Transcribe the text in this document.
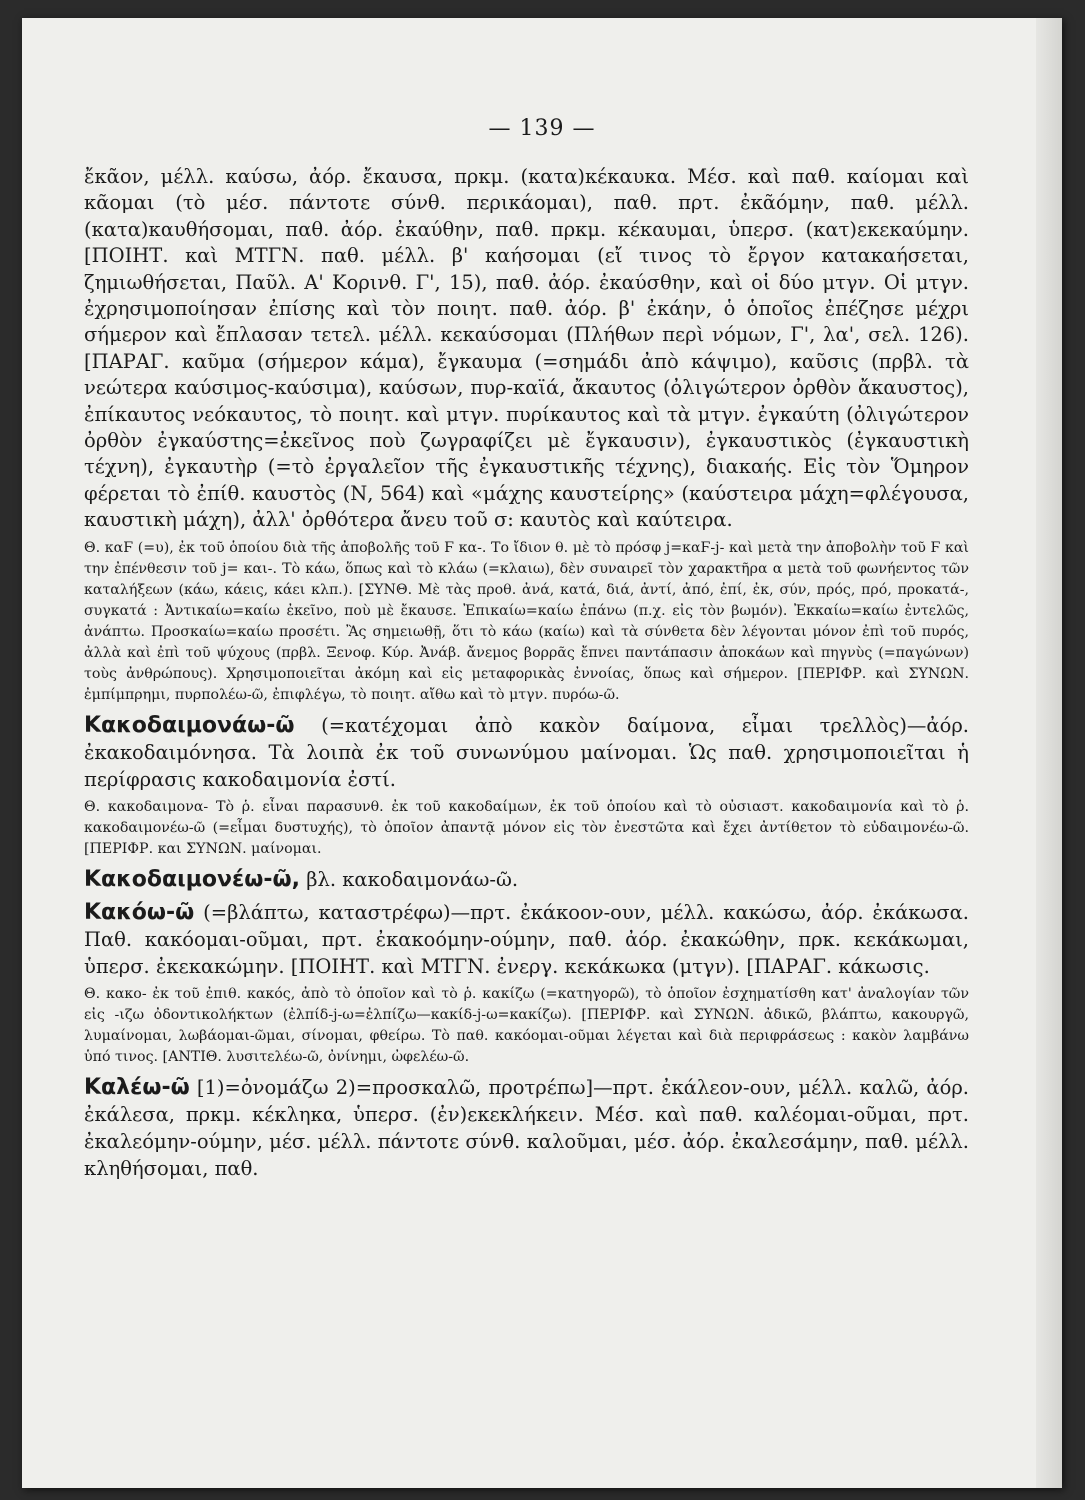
— 139 —

ἔκᾶον, μέλλ. καύσω, ἀόρ. ἔκαυσα, πρκμ. (κατα)κέκαυκα. Μέσ. καὶ παθ. καίομαι καὶ κᾶομαι (τὸ μέσ. πάντοτε σύνθ. περικάομαι), παθ. πρτ. ἐκᾶόμην, παθ. μέλλ. (κατα)καυθήσομαι, παθ. ἀόρ. ἐκαύθην, παθ. πρκμ. κέκαυμαι, ὑπερσ. (κατ)εκεκαύμην. [ΠΟΙΗΤ. καὶ ΜΤΓΝ. παθ. μέλλ. β' καήσομαι (εἴ τινος τὸ ἔργον κατακαήσεται, ζημιωθήσεται, Παῦλ. Α' Κορινθ. Γ', 15), παθ. ἀόρ. ἐκαύσθην, καὶ οἱ δύο μτγν. Οἱ μτγν. ἐχρησιμοποίησαν ἐπίσης καὶ τὸν ποιητ. παθ. ἀόρ. β' ἐκάην, ὁ ὁποῖος ἐπέζησε μέχρι σήμερον καὶ ἔπλασαν τετελ. μέλλ. κεκαύσομαι (Πλήθων περὶ νόμων, Γ', λα', σελ. 126). [ΠΑΡΑΓ. καῦμα (σήμερον κάμα), ἔγκαυμα (=σημάδι ἀπὸ κάψιμο), καῦσις (πρβλ. τὰ νεώτερα καύσιμος-καύσιμα), καύσων, πυρ-καϊά, ἄκαυτος (ὀλιγώτερον ὀρθὸν ἄκαυστος), ἐπίκαυτος νεόκαυτος, τὸ ποιητ. καὶ μτγν. πυρίκαυτος καὶ τὰ μτγν. ἐγκαύτη (ὀλιγώτερον ὀρθὸν ἐγκαύστης=ἐκεῖνος ποὺ ζωγραφίζει μὲ ἔγκαυσιν), ἐγκαυστικὸς (ἐγκαυστικὴ τέχνη), ἐγκαυτὴρ (=τὸ ἐργαλεῖον τῆς ἐγκαυστικῆς τέχνης), διακαής. Εἰς τὸν Ὅμηρον φέρεται τὸ ἐπίθ. καυστὸς (Ν, 564) καὶ «μάχης καυστείρης» (καύστειρα μάχη=φλέγουσα, καυστικὴ μάχη), ἀλλ' ὀρθότερα ἄνευ τοῦ σ: καυτὸς καὶ καύτειρα.

Θ. καϜ (=υ), ἐκ τοῦ ὁποίου διὰ τῆς ἀποβολῆς τοῦ Ϝ κα-. Το ἴδιον θ. μὲ τὸ πρόσφ j=καϜ-j- καὶ μετὰ την ἀποβολὴν τοῦ Ϝ καὶ την ἐπένθεσιν τοῦ j= και-. Τὸ κάω, ὅπως καὶ τὸ κλάω (=κλαιω), δὲν συναιρεῖ τὸν χαρακτῆρα α μετὰ τοῦ φωνήεντος τῶν καταλήξεων (κάω, κάεις, κάει κλπ.). [ΣΥΝΘ. Μὲ τὰς προθ. ἀνά, κατά, διά, ἀντί, ἀπό, ἐπί, ἐκ, σύν, πρός, πρό, προκατά-, συγκατά : Ἀντικαίω=καίω ἐκεῖνο, ποὺ μὲ ἔκαυσε. Ἐπικαίω=καίω ἐπάνω (π.χ. εἰς τὸν βωμόν). Ἐκκαίω=καίω ἐντελῶς, ἀνάπτω. Προσκαίω=καίω προσέτι. Ἂς σημειωθῇ, ὅτι τὸ κάω (καίω) καὶ τὰ σύνθετα δὲν λέγονται μόνον ἐπὶ τοῦ πυρός, ἀλλὰ καὶ ἐπὶ τοῦ ψύχους (πρβλ. Ξενοφ. Κύρ. Ἀνάβ. ἄνεμος βορρᾶς ἔπνει παντάπασιν ἀποκάων καὶ πηγνὺς (=παγώνων) τοὺς ἀνθρώπους). Χρησιμοποιεῖται ἀκόμη καὶ εἰς μεταφορικὰς ἐννοίας, ὅπως καὶ σήμερον. [ΠΕΡΙΦΡ. καὶ ΣΥΝΩΝ. ἐμπίμπρημι, πυρπολέω-ῶ, ἐπιφλέγω, τὸ ποιητ. αἴθω καὶ τὸ μτγν. πυρόω-ῶ.

Κακοδαιμονάω-ῶ (=κατέχομαι ἀπὸ κακὸν δαίμονα, εἶμαι τρελλὸς)—ἀόρ. ἐκακοδαιμόνησα. Τὰ λοιπὰ ἐκ τοῦ συνωνύμου μαίνομαι. Ὡς παθ. χρησιμοποιεῖται ἡ περίφρασις κακοδαιμονία ἐστί.

Θ. κακοδαιμονα- Τὸ ῥ. εἶναι παρασυνθ. ἐκ τοῦ κακοδαίμων, ἐκ τοῦ ὁποίου καὶ τὸ οὐσιαστ. κακοδαιμονία καὶ τὸ ῥ. κακοδαιμονέω-ῶ (=εἶμαι δυστυχής), τὸ ὁποῖον ἀπαντᾷ μόνον εἰς τὸν ἐνεστῶτα καὶ ἔχει ἀντίθετον τὸ εὐδαιμονέω-ῶ. [ΠΕΡΙΦΡ. και ΣΥΝΩΝ. μαίνομαι.

Κακοδαιμονέω-ῶ, βλ. κακοδαιμονάω-ῶ.

Κακόω-ῶ (=βλάπτω, καταστρέφω)—πρτ. ἐκάκοον-ουν, μέλλ. κακώσω, ἀόρ. ἐκάκωσα. Παθ. κακόομαι-οῦμαι, πρτ. ἐκακοόμην-ούμην, παθ. ἀόρ. ἐκακώθην, πρκ. κεκάκωμαι, ὑπερσ. ἐκεκακώμην. [ΠΟΙΗΤ. καὶ ΜΤΓΝ. ἐνεργ. κεκάκωκα (μτγν). [ΠΑΡΑΓ. κάκωσις.

Θ. κακο- ἐκ τοῦ ἐπιθ. κακός, ἀπὸ τὸ ὁποῖον καὶ τὸ ῥ. κακίζω (=κατηγορῶ), τὸ ὁποῖον ἐσχηματίσθη κατ' ἀναλογίαν τῶν εἰς -ιζω ὀδοντικολήκτων (ἐλπίδ-j-ω=ἐλπίζω—κακίδ-j-ω=κακίζω). [ΠΕΡΙΦΡ. καὶ ΣΥΝΩΝ. ἀδικῶ, βλάπτω, κακουργῶ, λυμαίνομαι, λωβάομαι-ῶμαι, σίνομαι, φθείρω. Τὸ παθ. κακόομαι-οῦμαι λέγεται καὶ διὰ περιφράσεως : κακὸν λαμβάνω ὑπό τινος. [ΑΝΤΙΘ. λυσιτελέω-ῶ, ὀνίνημι, ὠφελέω-ῶ.

Καλέω-ῶ [1)=ὀνομάζω 2)=προσκαλῶ, προτρέπω]—πρτ. ἐκάλεον-ουν, μέλλ. καλῶ, ἀόρ. ἐκάλεσα, πρκμ. κέκληκα, ὑπερσ. (ἐν)εκεκλήκειν. Μέσ. καὶ παθ. καλέομαι-οῦμαι, πρτ. ἐκαλεόμην-ούμην, μέσ. μέλλ. πάντοτε σύνθ. καλοῦμαι, μέσ. ἀόρ. ἐκαλεσάμην, παθ. μέλλ. κληθήσομαι, παθ.
